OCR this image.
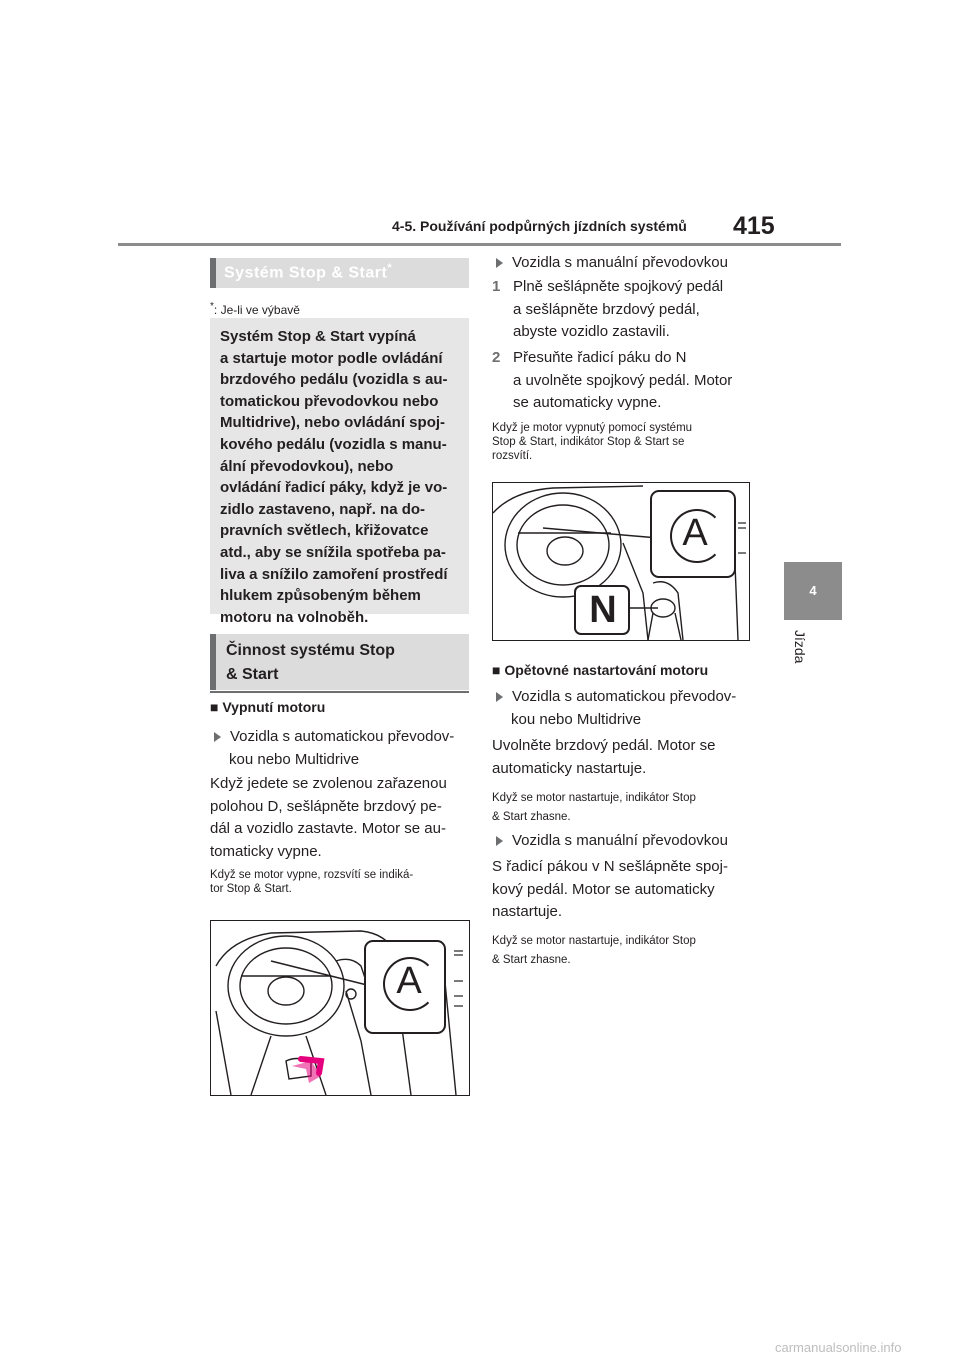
4-5. Používání podpůrných jízdních systémů 415
4
Jízda
Systém Stop & Start*
*: Je-li ve výbavě
Systém Stop & Start vypíná
a startuje motor podle ovládání
brzdového pedálu (vozidla s au-
tomatickou převodovkou nebo
Multidrive), nebo ovládání spoj-
kového pedálu (vozidla s manu-
ální převodovkou), nebo
ovládání řadicí páky, když je vo-
zidlo zastaveno, např. na do-
pravních světlech, křižovatce
atd., aby se snížila spotřeba pa-
liva a snížilo zamoření prostředí
hlukem způsobeným během
motoru na volnoběh.
Činnost systému Stop
& Start
■ Vypnutí motoru
Vozidla s automatickou převodov-
kou nebo Multidrive
Když jedete se zvolenou zařazenou
polohou D, sešlápněte brzdový pe-
dál a vozidlo zastavte. Motor se au-
tomaticky vypne.
Když se motor vypne, rozsvítí se indiká-
tor Stop & Start.
A
Vozidla s manuální převodovkou
1 Plně sešlápněte spojkový pedál
a sešlápněte brzdový pedál,
abyste vozidlo zastavili.
2 Přesuňte řadicí páku do N
a uvolněte spojkový pedál. Motor
se automaticky vypne.
Když je motor vypnutý pomocí systému
Stop & Start, indikátor Stop & Start se
rozsvítí.
A
N
■ Opětovné nastartování motoru
Vozidla s automatickou převodov-
kou nebo Multidrive
Uvolněte brzdový pedál. Motor se
automaticky nastartuje.
Když se motor nastartuje, indikátor Stop
& Start zhasne.
Vozidla s manuální převodovkou
S řadicí pákou v N sešlápněte spoj-
kový pedál. Motor se automaticky
nastartuje.
Když se motor nastartuje, indikátor Stop
& Start zhasne.
carmanualsonline.info
